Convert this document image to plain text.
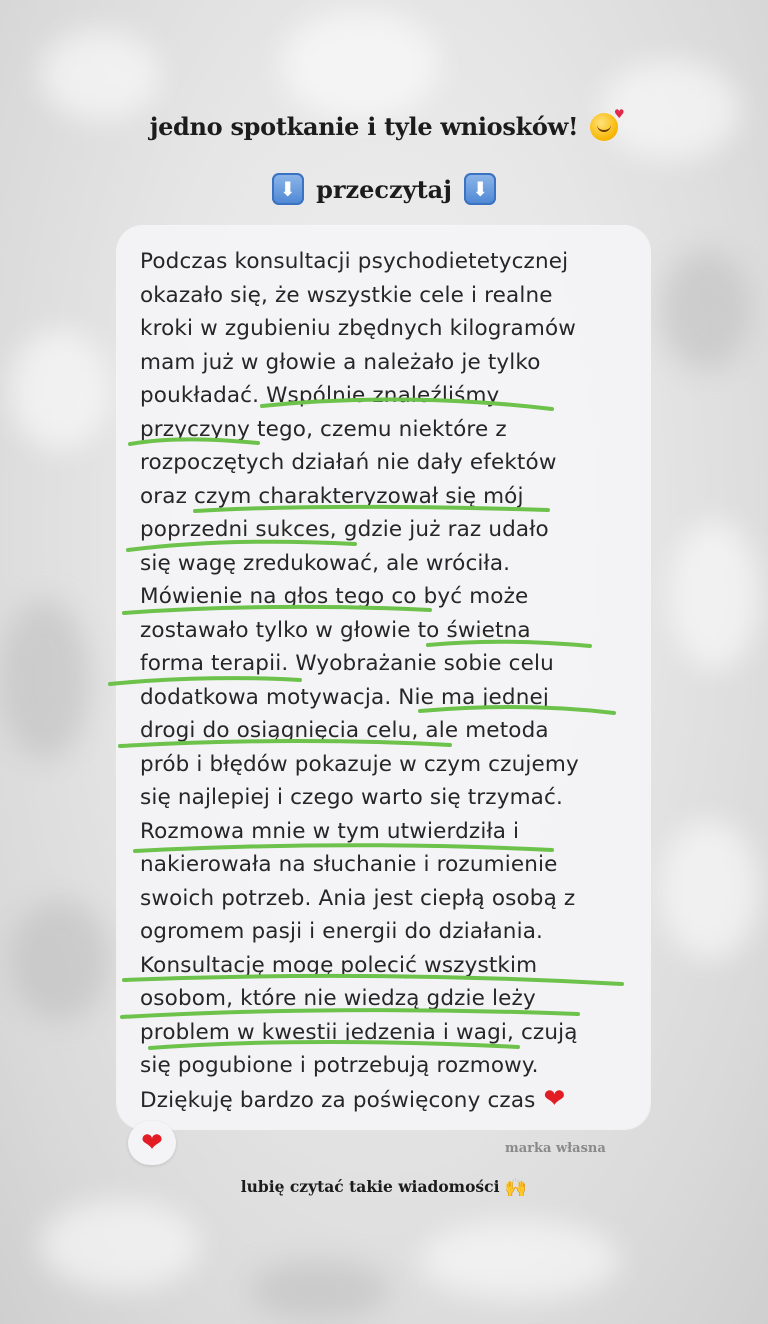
jedno spotkanie i tyle wniosków! ♥
⬇ przeczytaj ⬇
Podczas konsultacji psychodietetycznej
okazało się, że wszystkie cele i realne
kroki w zgubieniu zbędnych kilogramów
mam już w głowie a należało je tylko
poukładać. Wspólnie znaleźliśmy
przyczyny tego, czemu niektóre z
rozpoczętych działań nie dały efektów
oraz czym charakteryzował się mój
poprzedni sukces, gdzie już raz udało
się wagę zredukować, ale wróciła.
Mówienie na głos tego co być może
zostawało tylko w głowie to świetna
forma terapii. Wyobrażanie sobie celu
dodatkowa motywacja. Nie ma jednej
drogi do osiągnięcia celu, ale metoda
prób i błędów pokazuje w czym czujemy
się najlepiej i czego warto się trzymać.
Rozmowa mnie w tym utwierdziła i
nakierowała na słuchanie i rozumienie
swoich potrzeb. Ania jest ciepłą osobą z
ogromem pasji i energii do działania.
Konsultację mogę polecić wszystkim
osobom, które nie wiedzą gdzie leży
problem w kwestii jedzenia i wagi, czują
się pogubione i potrzebują rozmowy.
Dziękuję bardzo za poświęcony czas ❤
❤	marka własna
lubię czytać takie wiadomości 🙌
